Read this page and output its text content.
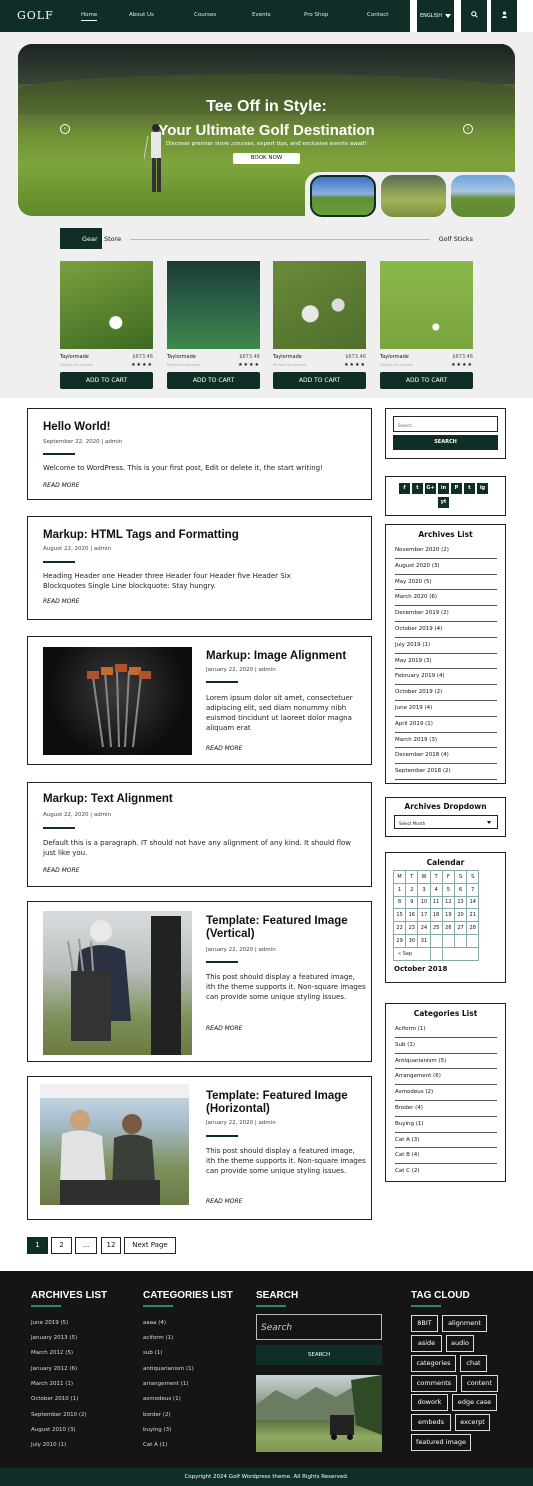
GOLF	Home	About Us	Courses	Events	Pro Shop	Contact	ENGLISH
Tee Off in Style:
Your Ultimate Golf Destination
Discover premier store ,courses, expert tips, and exclusive events await!
BOOK NOW
‹	›
Gear Store	Golf Sticks
Taylormade	$673.46
Perfect for summer	★★★★
ADD TO CART
Taylormade	$673.46
Perfect for summer	★★★★
ADD TO CART
Taylormade	$673.46
Perfect for summer	★★★★
ADD TO CART
Taylormade	$673.46
Perfect for summer	★★★★
ADD TO CART
Hello World!
September 22, 2020 | admin
Welcome to WordPress. This is your first post, Edit or delete it, the start writing!
READ MORE
Markup: HTML Tags and Formatting
August 22, 2020 | admin
Heading Header one Header three Header four Header five Header Six Blockquotes Single Line blockquote: Stay hungry.
READ MORE
Markup: Image Alignment
January 22, 2020 | admin
Lorem ipsum dolor sit amet, consectetuer adipiscing elit, sed diam nonummy nibh euismod tincidunt ut laoreet dolor magna aliquam erat
READ MORE
Markup: Text Alignment
August 22, 2020 | admin
Default this is a paragraph. IT should not have any alignment of any kind. It should flow just like you.
READ MORE
Template: Featured Image (Vertical)
January 22, 2020 | admin
This post should display a featured image, ith the theme supports it. Non-square images can provide some unique styling issues.
READ MORE
Template: Featured Image (Horizontal)
January 22, 2020 | admin
This post should display a featured image, ith the theme supports it. Non-square images can provide some unique styling issues.
READ MORE
Search
SEARCH
f	t	G+	in	P	t	ig
yt
Archives List
November 2020 (2)
August 2020 (3)
May 2020 (5)
March 2020 (6)
December 2019 (2)
October 2019 (4)
July 2019 (1)
May 2019 (3)
February 2019 (4)
October 2019 (2)
June 2019 (4)
April 2019 (1)
March 2019 (3)
December 2018 (4)
September 2018 (2)
Archives Dropdown
Select Month
Calendar
M	T	W	T	F	S	S
1	2	3	4	5	6	7
8	9	10	11	12	13	14
15	16	17	18	19	20	21
22	23	24	25	26	27	28
29	30	31				
« Sep						
October 2018
Categories List
Aciform (1)
Sub (1)
Antiquarianism (5)
Arrangement (6)
Asmodeus (2)
Broder (4)
Buying (1)
Cat A (3)
Cat B (4)
Cat C (2)
1	2	...	12	Next Page
ARCHIVES LIST
June 2019 (5)
January 2013 (5)
March 2012 (5)
January 2012 (6)
March 2011 (1)
October 2010 (1)
September 2010 (2)
August 2010 (3)
July 2010 (1)
CATEGORIES LIST
aaaa (4)
aciform (1)
sub (1)
antiquarianism (1)
arrangement (1)
asmodeus (1)
border (2)
buying (3)
Cat A (1)
SEARCH
Search
SEARCH
TAG CLOUD
8BIT	alignment
aside	audio
categories	chat
comments	content
dowork	edge case
embeds	excerpt
featured image
Copyright 2024 Golf Wordpress theme. All Rights Reserved.
